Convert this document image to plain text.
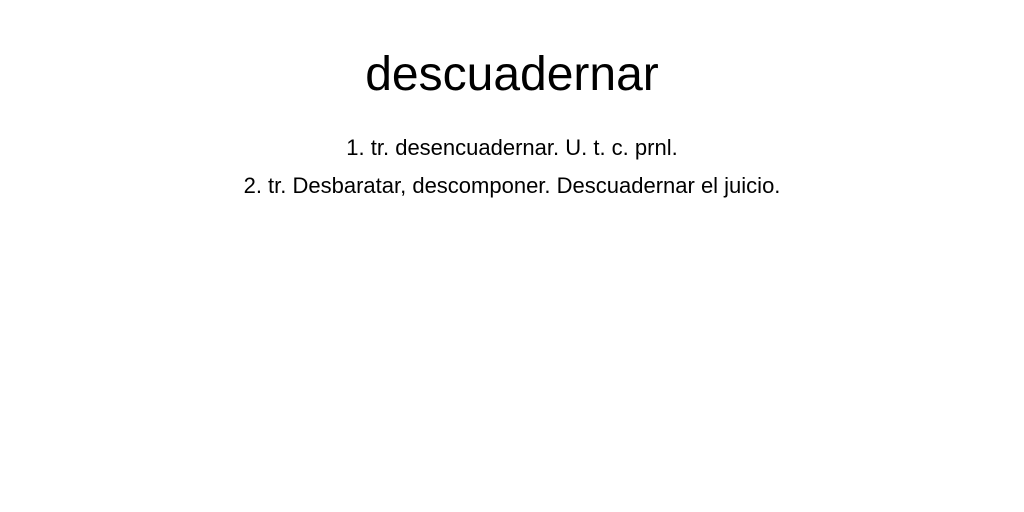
descuadernar
1. tr. desencuadernar. U. t. c. prnl.
2. tr. Desbaratar, descomponer. Descuadernar el juicio.
